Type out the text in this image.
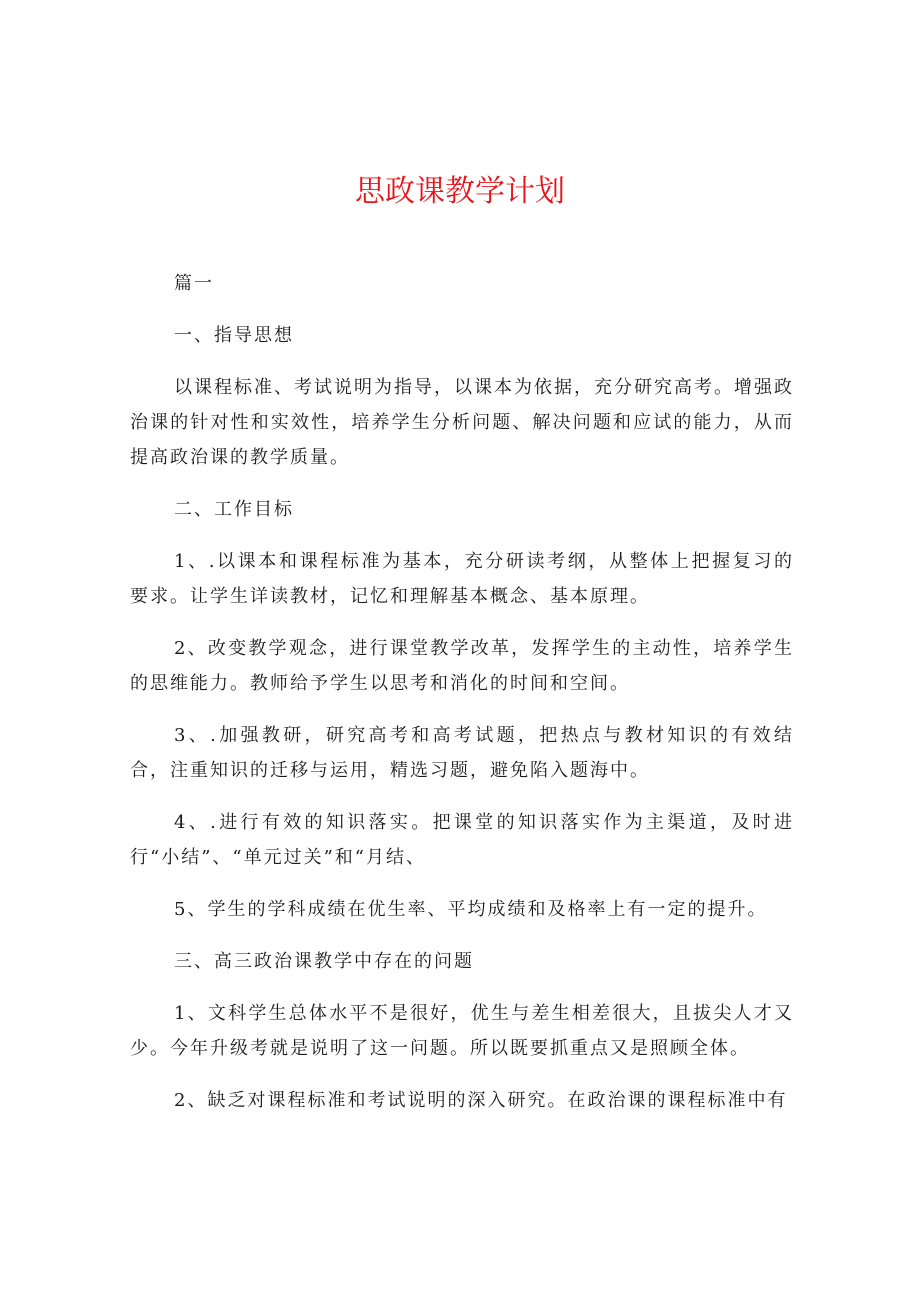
思政课教学计划

篇一

一、指导思想

以课程标准、考试说明为指导，以课本为依据，充分研究高考。增强政治课的针对性和实效性，培养学生分析问题、解决问题和应试的能力，从而提高政治课的教学质量。

二、工作目标

1、.以课本和课程标准为基本，充分研读考纲，从整体上把握复习的要求。让学生详读教材，记忆和理解基本概念、基本原理。

2、改变教学观念，进行课堂教学改革，发挥学生的主动性，培养学生的思维能力。教师给予学生以思考和消化的时间和空间。

3、.加强教研，研究高考和高考试题，把热点与教材知识的有效结合，注重知识的迁移与运用，精选习题，避免陷入题海中。

4、.进行有效的知识落实。把课堂的知识落实作为主渠道，及时进行“小结”、“单元过关”和“月结、

5、学生的学科成绩在优生率、平均成绩和及格率上有一定的提升。

三、高三政治课教学中存在的问题

1、文科学生总体水平不是很好，优生与差生相差很大，且拔尖人才又少。今年升级考就是说明了这一问题。所以既要抓重点又是照顾全体。

2、缺乏对课程标准和考试说明的深入研究。在政治课的课程标准中有
